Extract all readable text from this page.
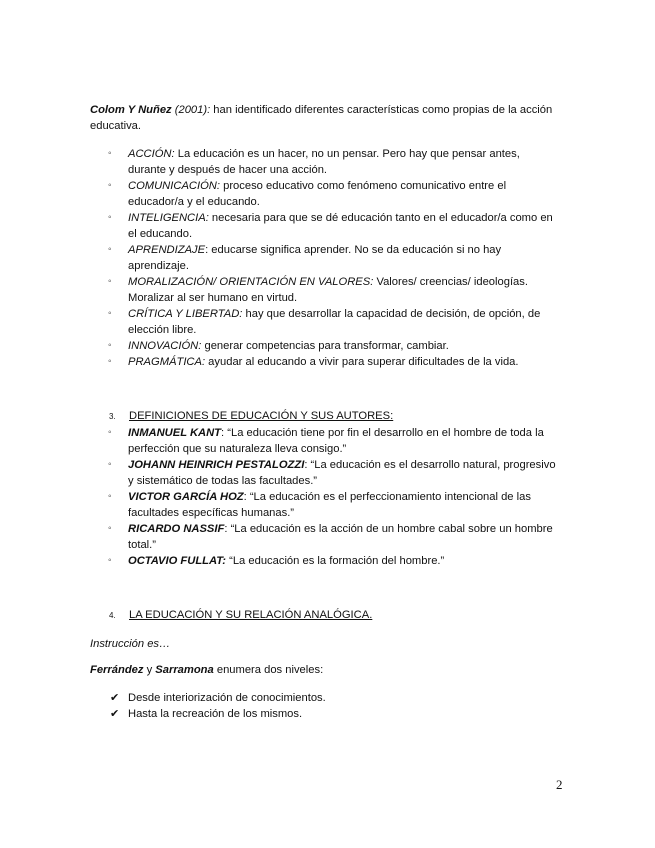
Colom Y Nuñez (2001): han identificado diferentes características como propias de la acción educativa.
◦ ACCIÓN: La educación es un hacer, no un pensar. Pero hay que pensar antes, durante y después de hacer una acción.
◦ COMUNICACIÓN: proceso educativo como fenómeno comunicativo entre el educador/a y el educando.
◦ INTELIGENCIA: necesaria para que se dé educación tanto en el educador/a como en el educando.
◦ APRENDIZAJE: educarse significa aprender. No se da educación si no hay aprendizaje.
◦ MORALIZACIÓN/ ORIENTACIÓN EN VALORES: Valores/ creencias/ ideologías. Moralizar al ser humano en virtud.
◦ CRÍTICA Y LIBERTAD: hay que desarrollar la capacidad de decisión, de opción, de elección libre.
◦ INNOVACIÓN: generar competencias para transformar, cambiar.
◦ PRAGMÁTICA: ayudar al educando a vivir para superar dificultades de la vida.
3. DEFINICIONES DE EDUCACIÓN Y SUS AUTORES:
◦ INMANUEL KANT: “La educación tiene por fin el desarrollo en el hombre de toda la perfección que su naturaleza lleva consigo.”
◦ JOHANN HEINRICH PESTALOZZI: “La educación es el desarrollo natural, progresivo y sistemático de todas las facultades.”
◦ VICTOR GARCÍA HOZ: “La educación es el perfeccionamiento intencional de las facultades específicas humanas.”
◦ RICARDO NASSIF: “La educación es la acción de un hombre cabal sobre un hombre total.”
◦ OCTAVIO FULLAT: “La educación es la formación del hombre.”
4. LA EDUCACIÓN Y SU RELACIÓN ANALÓGICA.
Instrucción es…
Ferrández y Sarramona enumera dos niveles:
✔ Desde interiorización de conocimientos.
✔ Hasta la recreación de los mismos.
2
